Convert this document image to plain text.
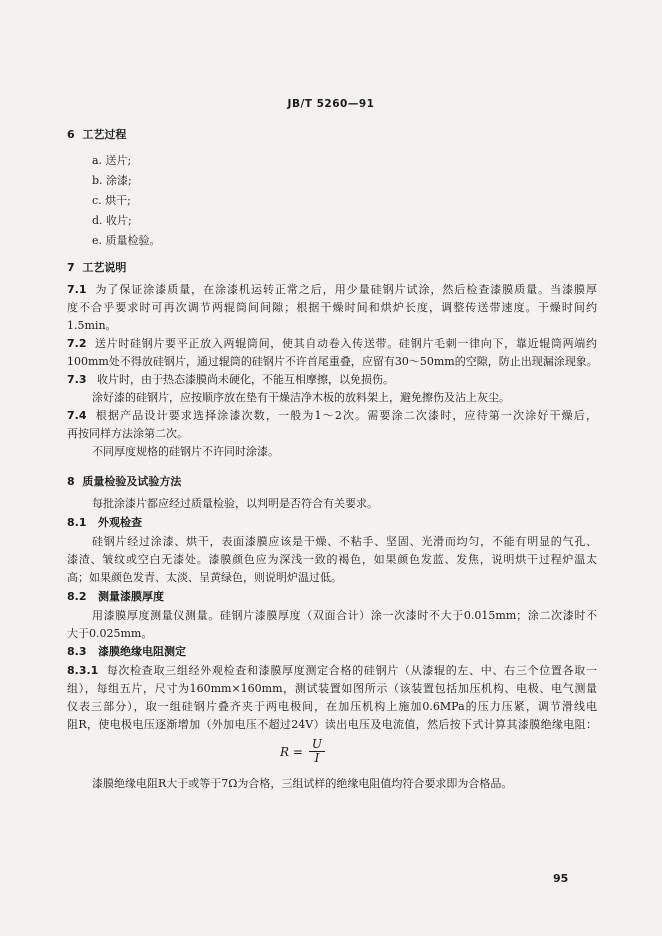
JB/T 5260—91
6 工艺过程
a. 送片;
b. 涂漆;
c. 烘干;
d. 收片;
e. 质量检验。
7 工艺说明
7.1 为了保证涂漆质量，在涂漆机运转正常之后，用少量硅钢片试涂，然后检查漆膜质量。当漆膜厚
度不合乎要求时可再次调节两辊筒间间隙；根据干燥时间和烘炉长度，调整传送带速度。干燥时间约
1.5min。
7.2 送片时硅钢片要平正放入两辊筒间，使其自动卷入传送带。硅钢片毛刺一律向下，靠近辊筒两端约
100mm处不得放硅钢片，通过辊筒的硅钢片不许首尾重叠，应留有30～50mm的空隙，防止出现漏涂现象。
7.3 收片时，由于热态漆膜尚未硬化，不能互相摩擦，以免损伤。
涂好漆的硅钢片，应按顺序放在垫有干燥洁净木板的放料架上，避免擦伤及沾上灰尘。
7.4 根据产品设计要求选择涂漆次数，一般为1～2次。需要涂二次漆时，应待第一次涂好干燥后，
再按同样方法涂第二次。
不同厚度规格的硅钢片不许同时涂漆。
8 质量检验及试验方法
每批涂漆片都应经过质量检验，以判明是否符合有关要求。
8.1 外观检查
硅钢片经过涂漆、烘干，表面漆膜应该是干燥、不粘手、坚固、光滑而均匀，不能有明显的气孔、
漆渣、皱纹或空白无漆处。漆膜颜色应为深浅一致的褐色，如果颜色发蓝、发焦，说明烘干过程炉温太
高；如果颜色发青、太淡、呈黄绿色，则说明炉温过低。
8.2 测量漆膜厚度
用漆膜厚度测量仪测量。硅钢片漆膜厚度（双面合计）涂一次漆时不大于0.015mm；涂二次漆时不
大于0.025mm。
8.3 漆膜绝缘电阻测定
8.3.1 每次检查取三组经外观检查和漆膜厚度测定合格的硅钢片（从漆辊的左、中、右三个位置各取一
组），每组五片，尺寸为160mm×160mm，测试装置如图所示（该装置包括加压机构、电极、电气测量
仪表三部分），取一组硅钢片叠齐夹于两电极间，在加压机构上施加0.6MPa的压力压紧，调节滑线电
阻R，使电极电压逐渐增加（外加电压不超过24V）读出电压及电流值，然后按下式计算其漆膜绝缘电阻：
$R = \frac{U}{I}$
漆膜绝缘电阻R大于或等于7Ω为合格，三组试样的绝缘电阻值均符合要求即为合格品。
95
